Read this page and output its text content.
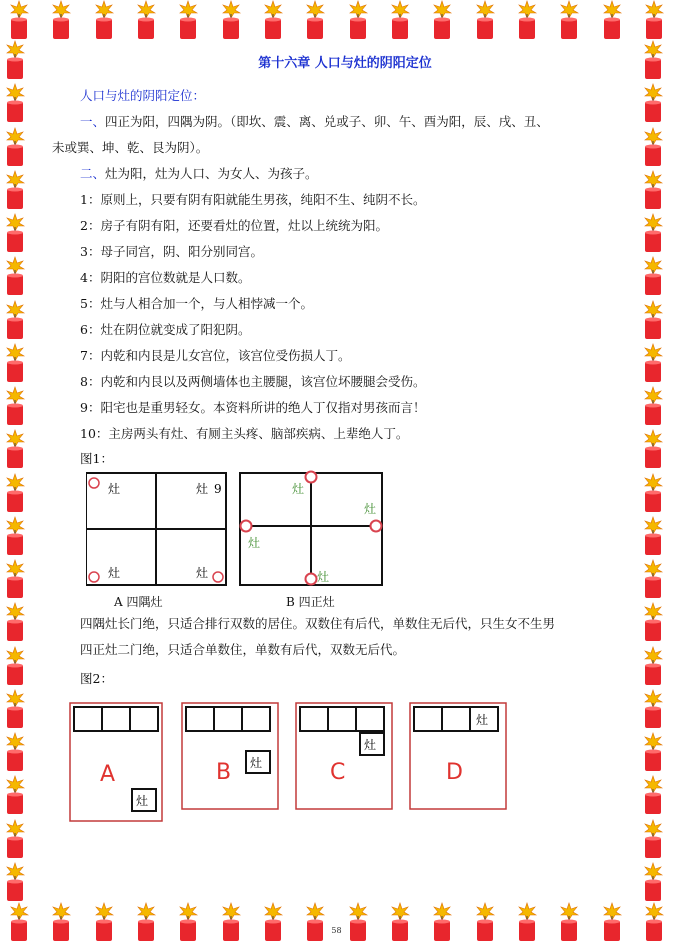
第十六章 人口与灶的阴阳定位

人口与灶的阴阳定位：

一、四正为阳，四隅为阴。（即坎、震、离、兑或子、卯、午、酉为阳，辰、戌、丑、

未或巽、坤、乾、艮为阴）。

二、灶为阳，灶为人口、为女人、为孩子。

1：原则上，只要有阴有阳就能生男孩，纯阳不生、纯阴不长。

2：房子有阴有阳，还要看灶的位置，灶以上统统为阳。

3：母子同宫，阴、阳分别同宫。

4：阴阳的宫位数就是人口数。

5：灶与人相合加一个，与人相悖减一个。

6：灶在阴位就变成了阳犯阴。

7：内乾和内艮是儿女宫位，该宫位受伤损人丁。

8：内乾和内艮以及两侧墙体也主腰腿，该宫位坏腰腿会受伤。

9：阳宅也是重男轻女。本资料所讲的绝人丁仅指对男孩而言！

10：主房两头有灶、有厕主头疼、脑部疾病、上辈绝人丁。

图1：
灶	灶 9
灶	灶
灶
灶
灶
灶
A 四隅灶	B 四正灶

四隅灶长门绝，只适合排行双数的居住。双数住有后代，单数住无后代，只生女不生男

四正灶二门绝，只适合单数住，单数有后代，双数无后代。

图2：
A
灶
B 灶	C
灶
D
灶
58
